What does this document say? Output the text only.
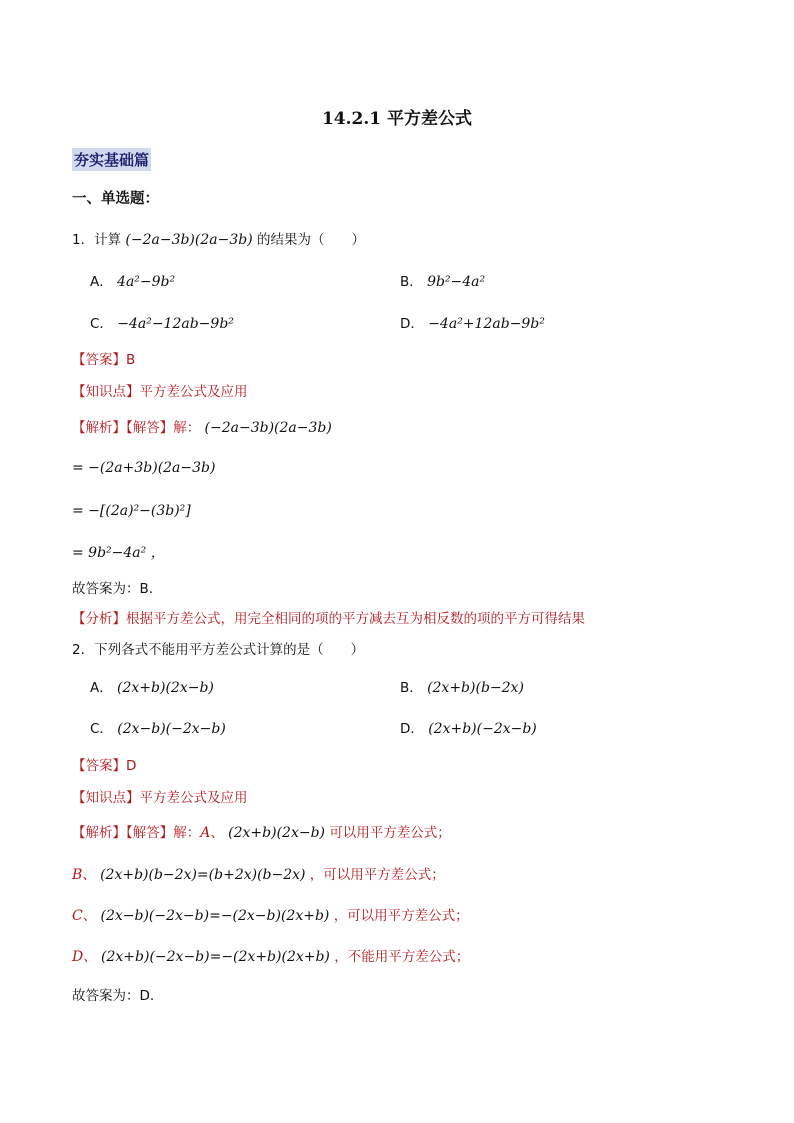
14.2.1 平方差公式
夯实基础篇
一、单选题：
1．计算 (−2a−3b)(2a−3b) 的结果为（　　）
A． 4a²−9b²	B． 9b²−4a²
C． −4a²−12ab−9b²	D． −4a²+12ab−9b²
【答案】B
【知识点】平方差公式及应用
【解析】【解答】解： (−2a−3b)(2a−3b)
= −(2a+3b)(2a−3b)
= −[(2a)²−(3b)²]
= 9b²−4a² ，
故答案为：B.
【分析】根据平方差公式，用完全相同的项的平方减去互为相反数的项的平方可得结果
2．下列各式不能用平方差公式计算的是（　　）
A． (2x+b)(2x−b)	B． (2x+b)(b−2x)
C． (2x−b)(−2x−b)	D． (2x+b)(−2x−b)
【答案】D
【知识点】平方差公式及应用
【解析】【解答】解：A、 (2x+b)(2x−b) 可以用平方差公式；
B、 (2x+b)(b−2x)=(b+2x)(b−2x) ，可以用平方差公式；
C、 (2x−b)(−2x−b)=−(2x−b)(2x+b) ，可以用平方差公式；
D、 (2x+b)(−2x−b)=−(2x+b)(2x+b) ，不能用平方差公式；
故答案为：D.
